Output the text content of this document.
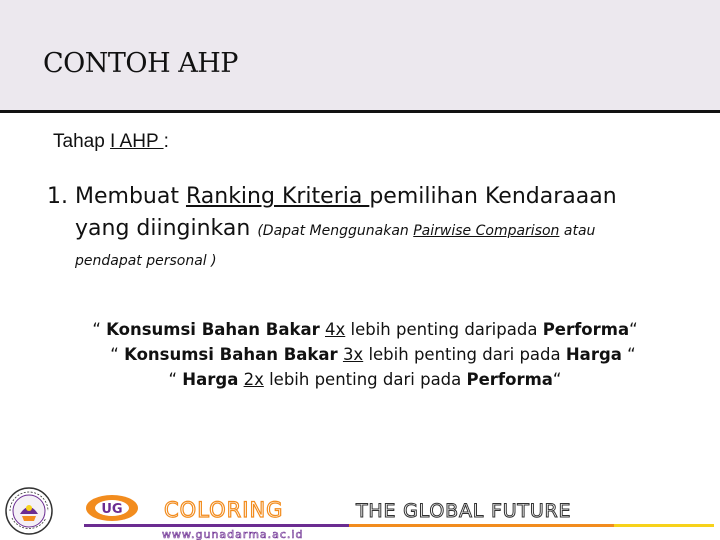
CONTOH AHP
Tahap I AHP :
1. Membuat Ranking Kriteria pemilihan Kendaraaan
yang diinginkan (Dapat Menggunakan Pairwise Comparison atau
pendapat personal )
“ Konsumsi Bahan Bakar 4x lebih penting daripada Performa“
“ Konsumsi Bahan Bakar 3x lebih penting dari pada Harga “
“ Harga 2x lebih penting dari pada Performa“
UG COLORING	THE GLOBAL FUTURE
www.gunadarma.ac.id
